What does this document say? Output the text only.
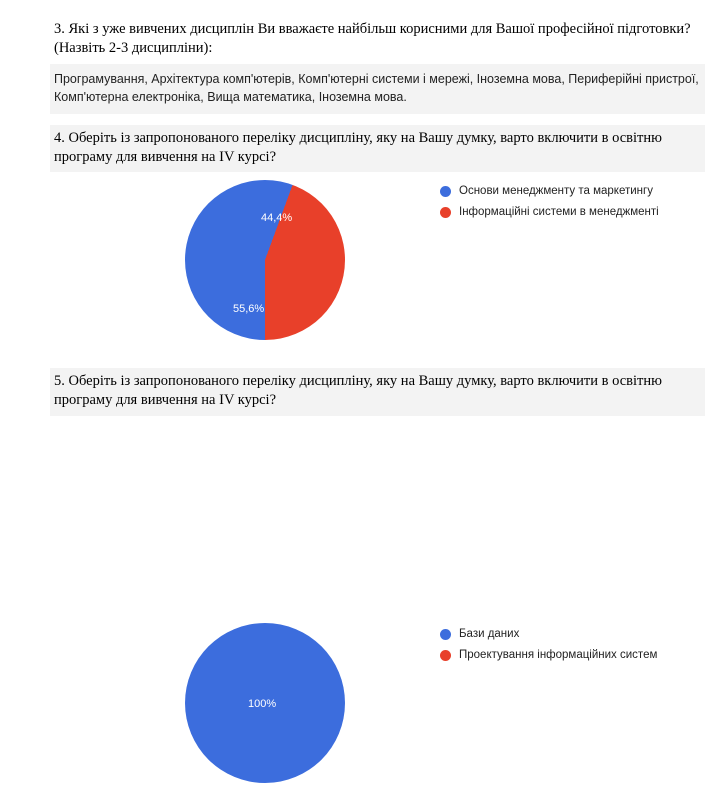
3. Які з уже вивчених дисциплін Ви вважаєте найбільш корисними для Вашої професійної підготовки? (Назвіть 2-3 дисципліни):
Програмування, Архітектура комп'ютерів, Комп'ютерні системи і мережі, Іноземна мова, Периферійні пристрої, Комп'ютерна електроніка, Вища математика, Іноземна мова.
4. Оберіть із запропонованого переліку дисципліну, яку на Вашу думку, варто включити в освітню програму для вивчення на IV курсі?
44,4%
55,6%
Основи менеджменту та маркетингу
Інформаційні системи в менеджменті
5. Оберіть із запропонованого переліку дисципліну, яку на Вашу думку, варто включити в освітню програму для вивчення на IV курсі?
100%
Бази даних
Проектування інформаційних систем
